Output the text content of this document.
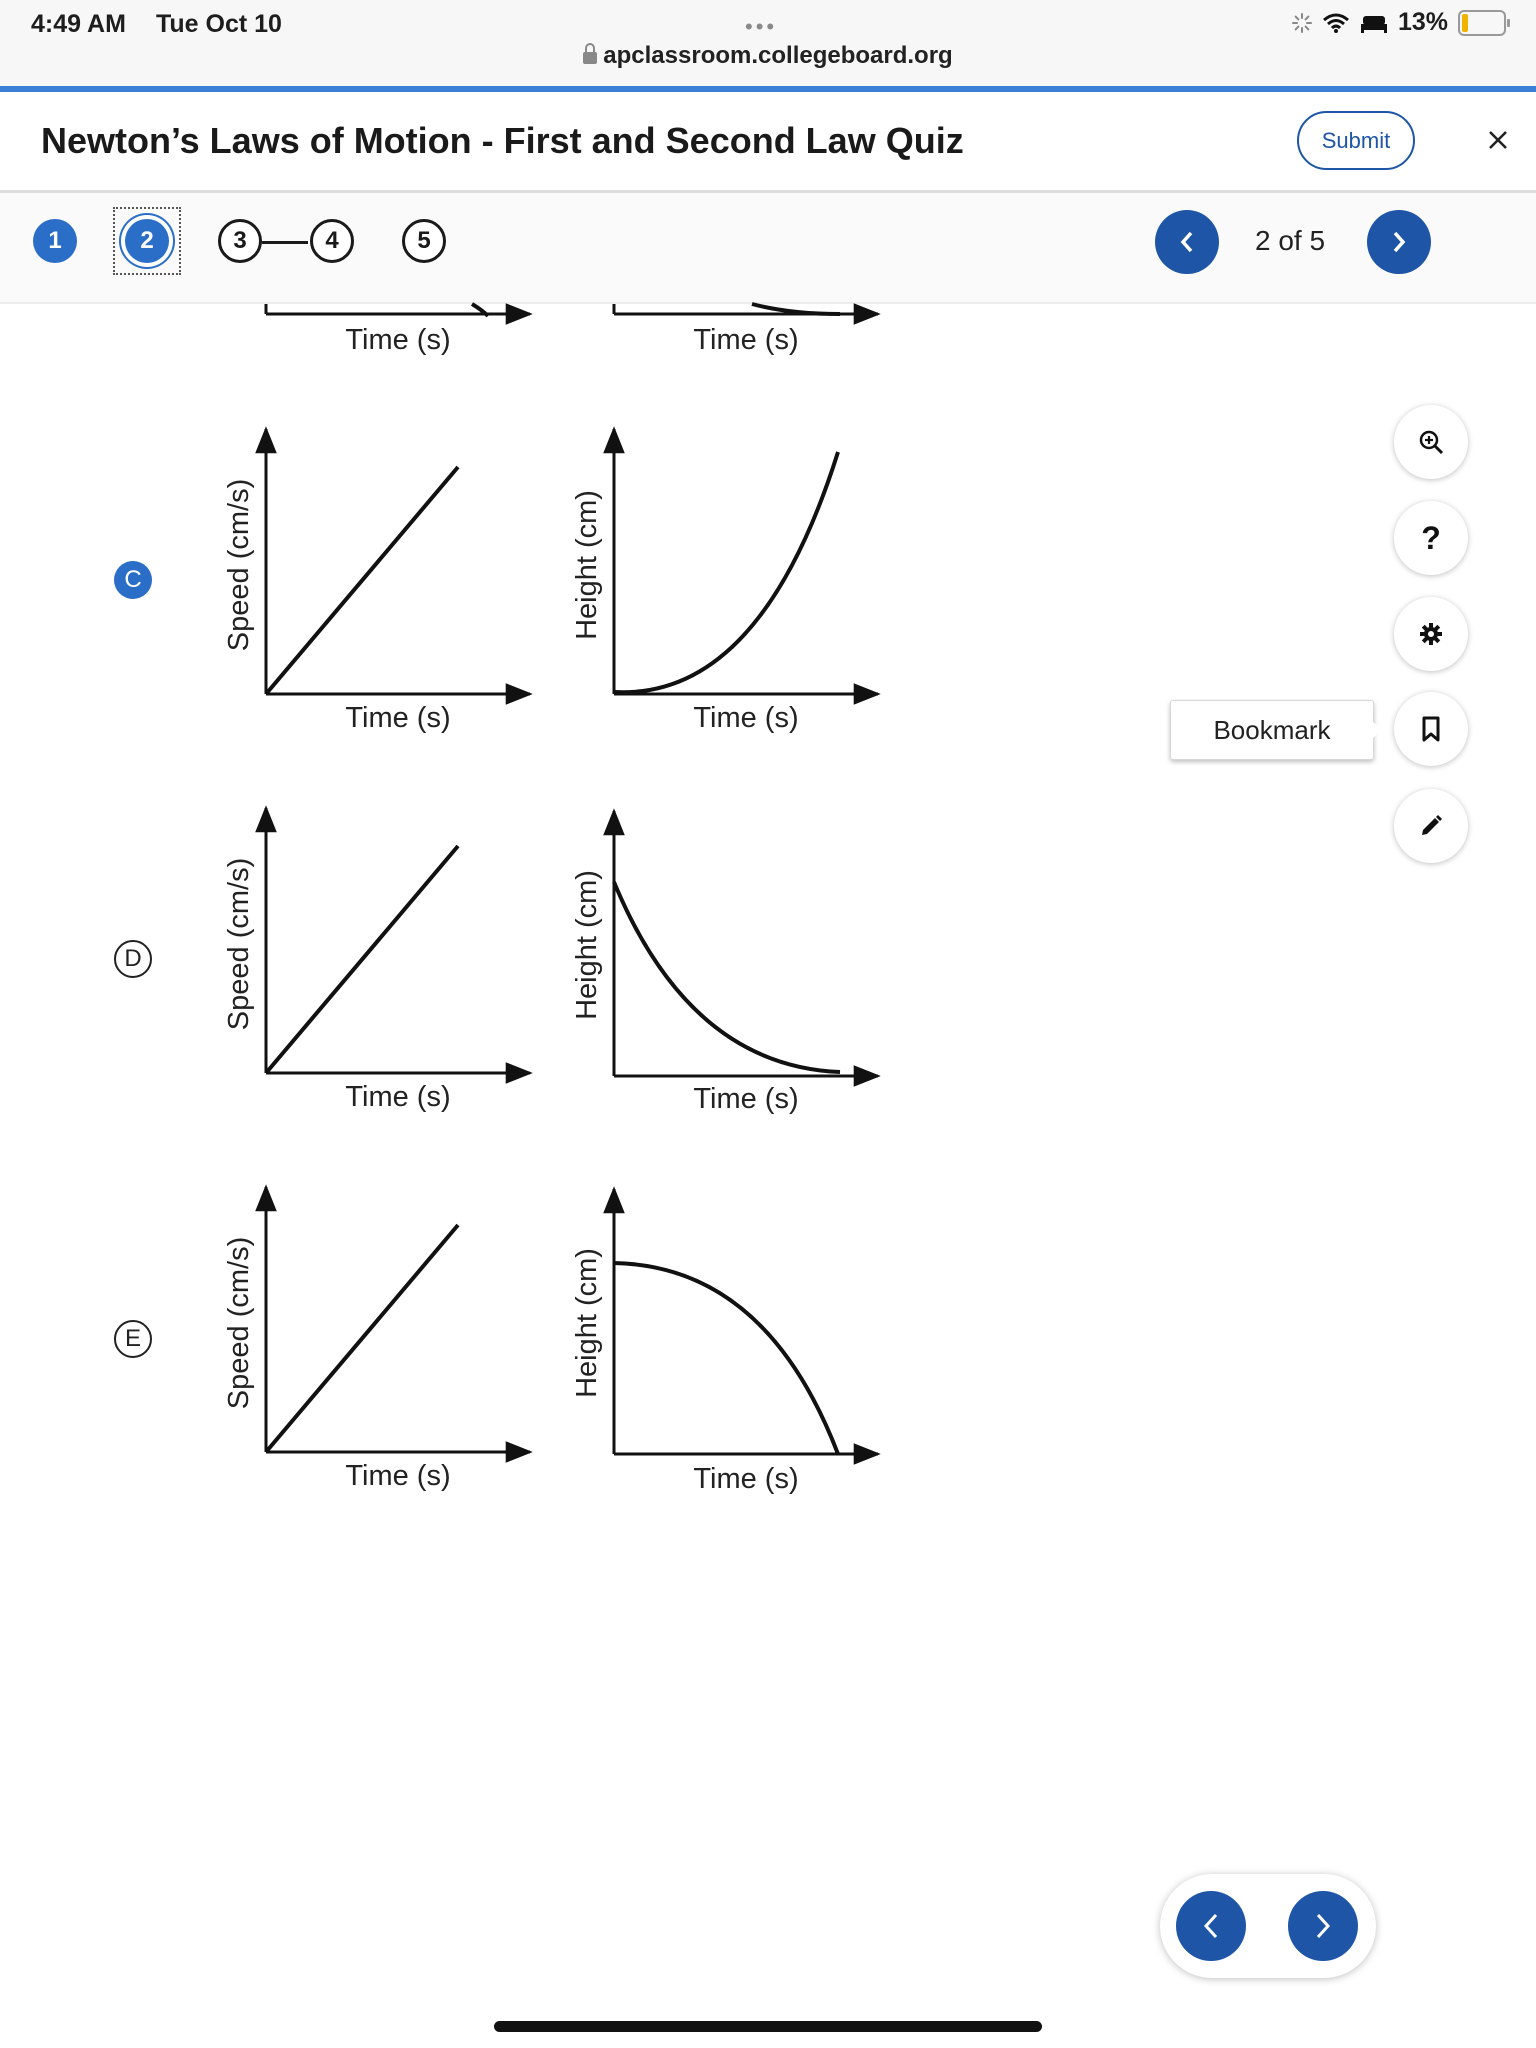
4:49 AM Tue Oct 10	•••
apclassroom.collegeboard.org
13%
Newton’s Laws of Motion - First and Second Law Quiz	Submit
1	2	3	4	5	2 of 5
Time (s)	Time (s)
Speed (cm/s)
Time (s)
Height (cm)
Time (s)
Speed (cm/s)
Time (s)
Height (cm)
Time (s)
Speed (cm/s)
Time (s)
Height (cm)
Time (s)
C
D
E
?
Bookmark
